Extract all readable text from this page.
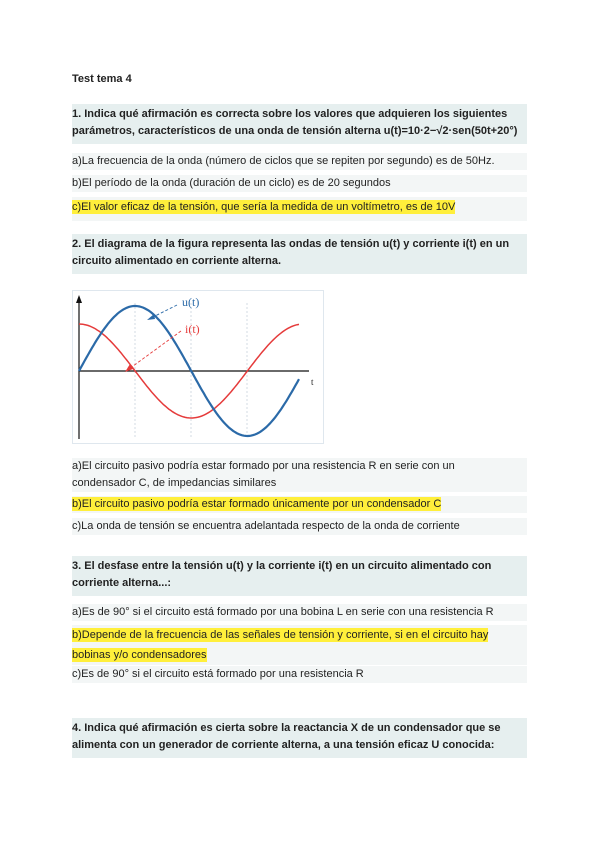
Test tema 4
1. Indica qué afirmación es correcta sobre los valores que adquieren los siguientes
parámetros, característicos de una onda de tensión alterna u(t)=10·2−√2·sen(50t+20°)
a)La frecuencia de la onda (número de ciclos que se repiten por segundo) es de 50Hz.
b)El período de la onda (duración de un ciclo) es de 20 segundos
c)El valor eficaz de la tensión, que sería la medida de un voltímetro, es de 10V
2. El diagrama de la figura representa las ondas de tensión u(t) y corriente i(t) en un
circuito alimentado en corriente alterna.
t
u(t)
i(t)
a)El circuito pasivo podría estar formado por una resistencia R en serie con un
condensador C, de impedancias similares
b)El circuito pasivo podría estar formado únicamente por un condensador C
c)La onda de tensión se encuentra adelantada respecto de la onda de corriente
3. El desfase entre la tensión u(t) y la corriente i(t) en un circuito alimentado con
corriente alterna...:
a)Es de 90° si el circuito está formado por una bobina L en serie con una resistencia R
b)Depende de la frecuencia de las señales de tensión y corriente, si en el circuito hay
bobinas y/o condensadores
c)Es de 90° si el circuito está formado por una resistencia R
4. Indica qué afirmación es cierta sobre la reactancia X de un condensador que se
alimenta con un generador de corriente alterna, a una tensión eficaz U conocida:
